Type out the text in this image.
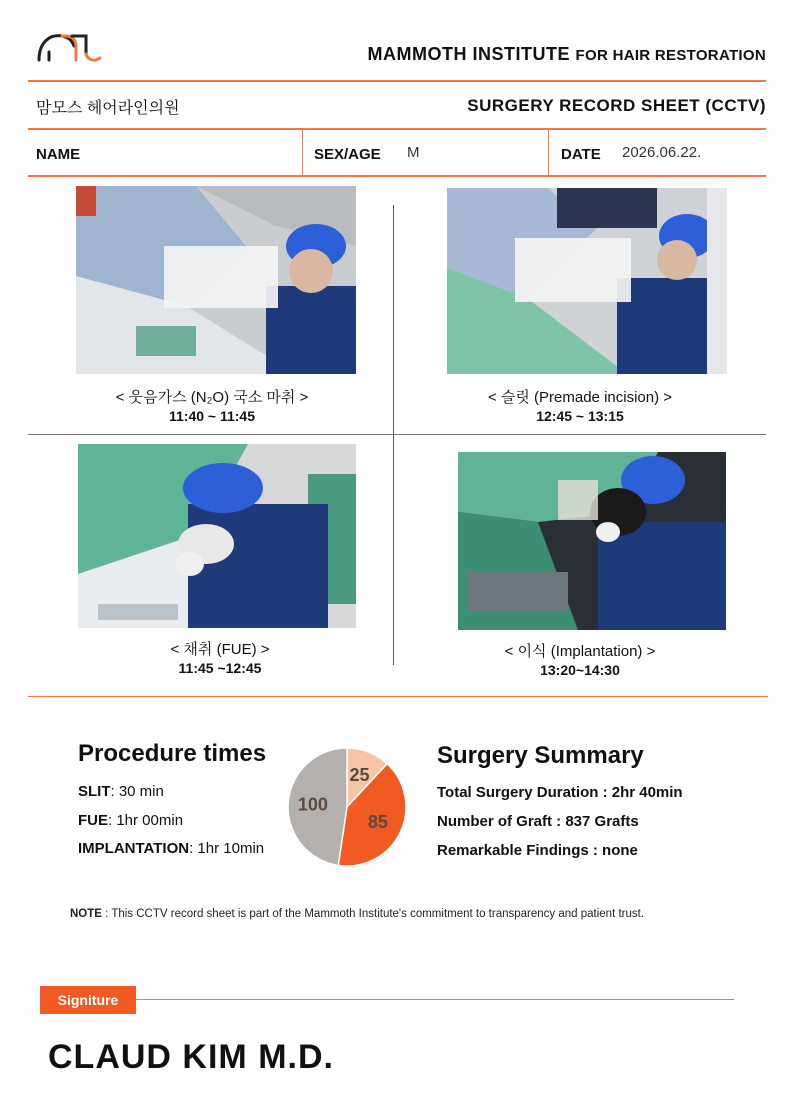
MAMMOTH INSTITUTE FOR HAIR RESTORATION
맘모스 헤어라인의원	SURGERY RECORD SHEET (CCTV)
NAME	SEX/AGE M	DATE 2026.06.22.
< 웃음가스 (N₂O) 국소 마취 >
11:40 ~ 11:45
< 슬릿 (Premade incision) >
12:45 ~ 13:15
< 채취 (FUE) >
11:45 ~12:45
< 이식 (Implantation) >
13:20~14:30
Procedure times
SLIT: 30 min
FUE: 1hr 00min
IMPLANTATION: 1hr 10min
25
85
100
Surgery Summary
Total Surgery Duration : 2hr 40min
Number of Graft : 837 Grafts
Remarkable Findings : none
NOTE : This CCTV record sheet is part of the Mammoth Institute's commitment to transparency and patient trust.
Signiture
CLAUD KIM M.D.
